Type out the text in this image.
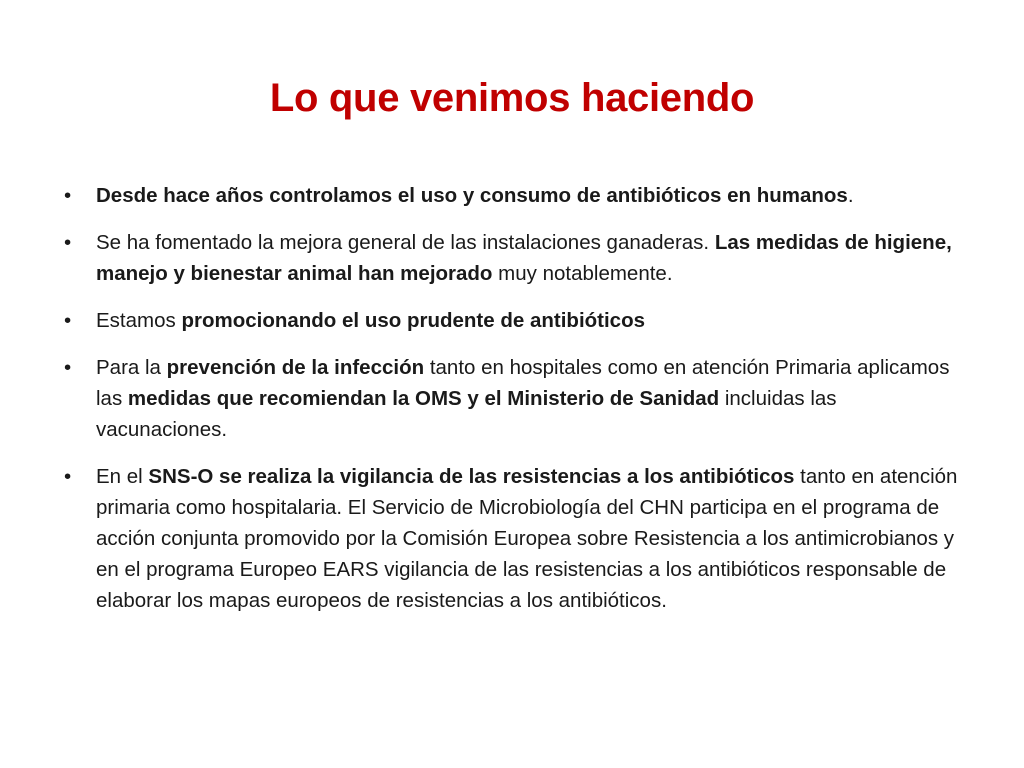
Lo que venimos haciendo
•	Desde hace años controlamos el uso y consumo de antibióticos en humanos.
•	Se ha fomentado la mejora general de las instalaciones ganaderas. Las medidas de higiene, manejo y bienestar animal han mejorado muy notablemente.
•	Estamos promocionando el uso prudente de antibióticos
•	Para la prevención de la infección tanto en hospitales como en atención Primaria aplicamos las medidas que recomiendan la OMS y el Ministerio de Sanidad incluidas las vacunaciones.
•	En el SNS-O se realiza la vigilancia de las resistencias a los antibióticos tanto en atención primaria como hospitalaria. El Servicio de Microbiología del CHN participa en el programa de acción conjunta promovido por la Comisión Europea sobre Resistencia a los antimicrobianos y en el programa Europeo EARS vigilancia de las resistencias a los antibióticos responsable de elaborar los mapas europeos de resistencias a los antibióticos.
